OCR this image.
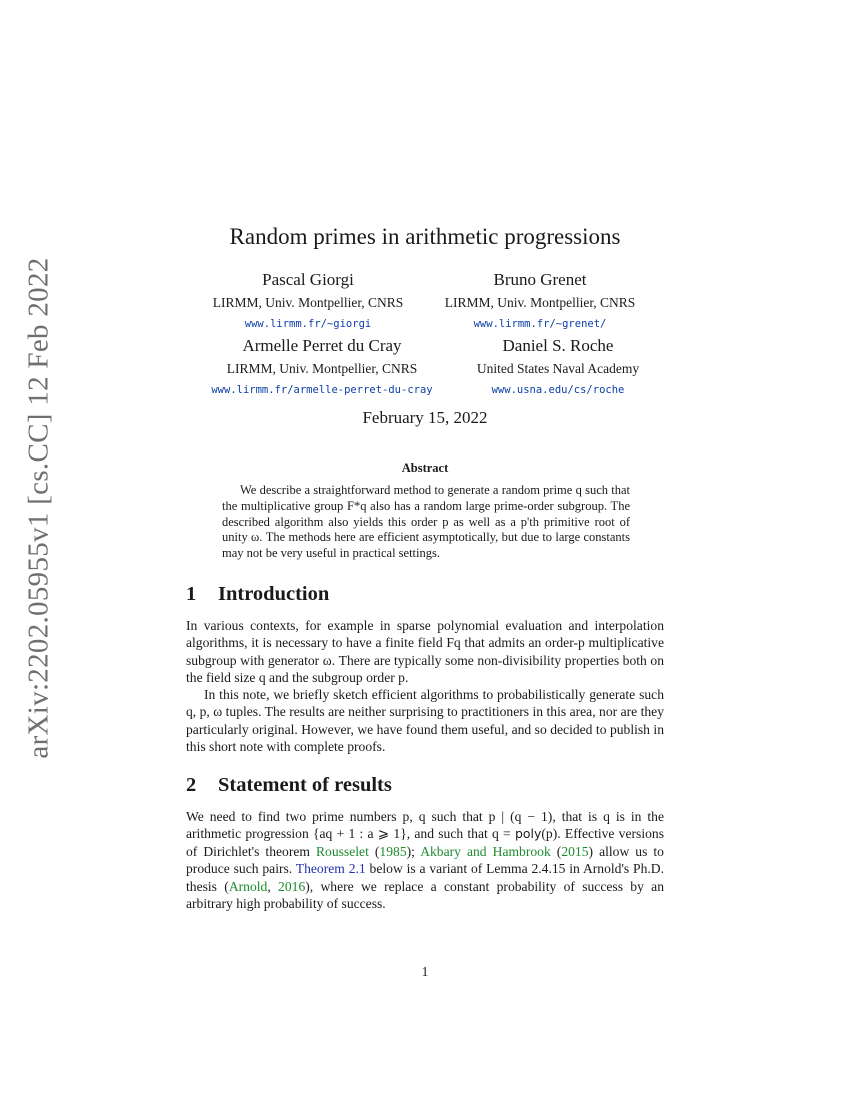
arXiv:2202.05955v1 [cs.CC] 12 Feb 2022
Random primes in arithmetic progressions
Pascal Giorgi
LIRMM, Univ. Montpellier, CNRS
www.lirmm.fr/~giorgi
Bruno Grenet
LIRMM, Univ. Montpellier, CNRS
www.lirmm.fr/~grenet/
Armelle Perret du Cray
LIRMM, Univ. Montpellier, CNRS
www.lirmm.fr/armelle-perret-du-cray
Daniel S. Roche
United States Naval Academy
www.usna.edu/cs/roche
February 15, 2022
Abstract

We describe a straightforward method to generate a random prime q such that the multiplicative group F*q also has a random large prime-order subgroup. The described algorithm also yields this order p as well as a p'th primitive root of unity ω. The methods here are efficient asymptotically, but due to large constants may not be very useful in practical settings.

1 Introduction

In various contexts, for example in sparse polynomial evaluation and interpolation algorithms, it is necessary to have a finite field Fq that admits an order-p multiplicative subgroup with generator ω. There are typically some non-divisibility properties both on the field size q and the subgroup order p.

In this note, we briefly sketch efficient algorithms to probabilistically generate such q, p, ω tuples. The results are neither surprising to practitioners in this area, nor are they particularly original. However, we have found them useful, and so decided to publish in this short note with complete proofs.

2 Statement of results

We need to find two prime numbers p, q such that p | (q − 1), that is q is in the arithmetic progression {aq + 1 : a ⩾ 1}, and such that q = poly(p). Effective versions of Dirichlet's theorem Rousselet (1985); Akbary and Hambrook (2015) allow us to produce such pairs. Theorem 2.1 below is a variant of Lemma 2.4.15 in Arnold's Ph.D. thesis (Arnold, 2016), where we replace a constant probability of success by an arbitrary high probability of success.

1
